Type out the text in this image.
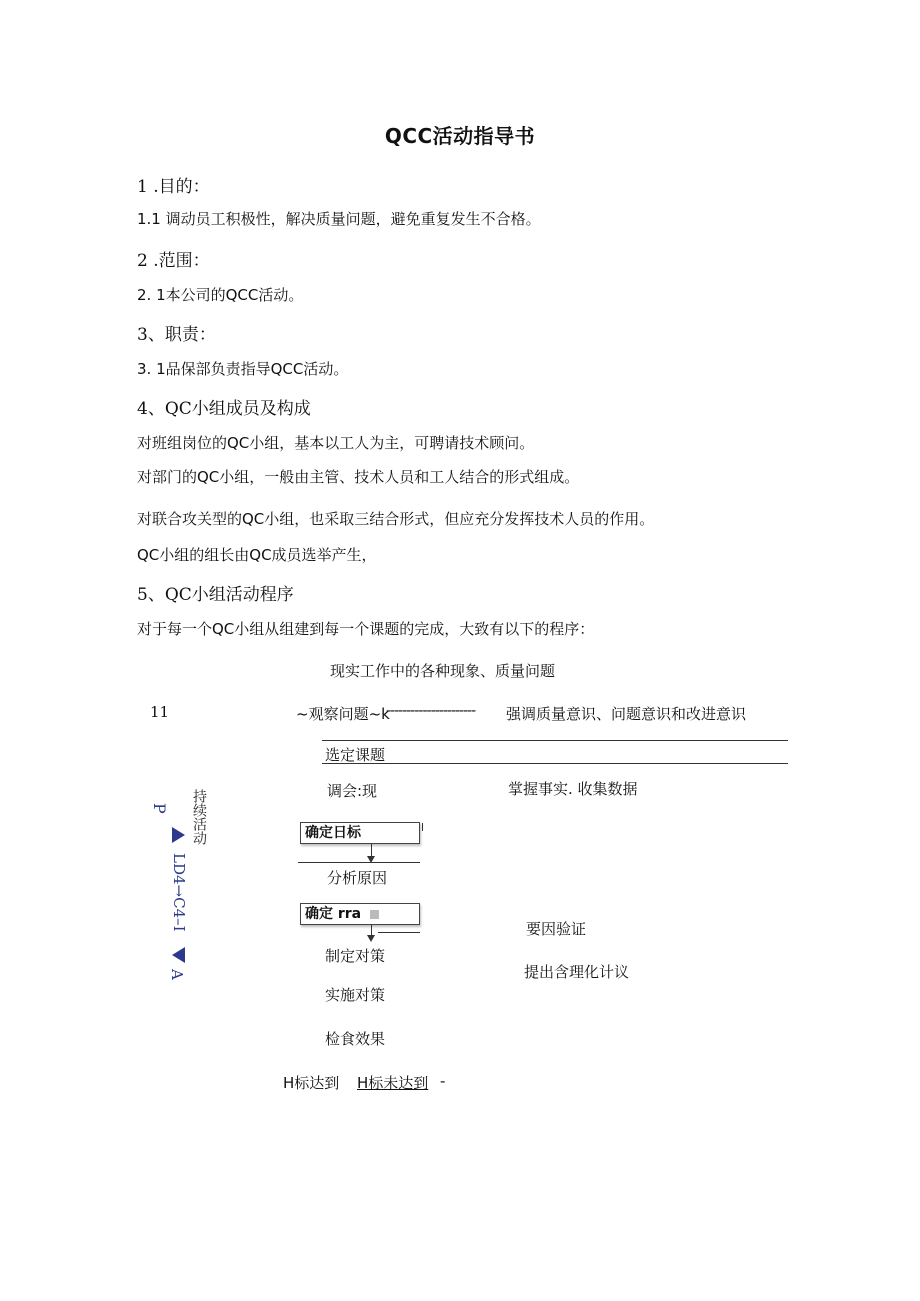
QCC活动指导书
1 .目的：
1.1 调动员工积极性，解决质量问题，避免重复发生不合格。
2 .范围：
2. 1本公司的QCC活动。
3、职责：
3. 1品保部负责指导QCC活动。
4、QC小组成员及构成
对班组岗位的QC小组，基本以工人为主，可聘请技术顾问。
对部门的QC小组，一般由主管、技术人员和工人结合的形式组成。
对联合攻关型的QC小组，也采取三结合形式，但应充分发挥技术人员的作用。
QC小组的组长由QC成员选举产生，
5、QC小组活动程序
对于每一个QC小组从组建到每一个课题的完成，大致有以下的程序：
现实工作中的各种现象、质量问题
11	~观察问题~k
---------------------- 强调质量意识、问题意识和改进意识
选定课题
调会:现	掌握事实. 收集数据
确定日标
分析原因
确定 rra
要因验证
制定对策
提出含理化计议
实施对策
检食效果
H标达到 H标未达到 -
持续活动
P
LD4→C4–I
A
